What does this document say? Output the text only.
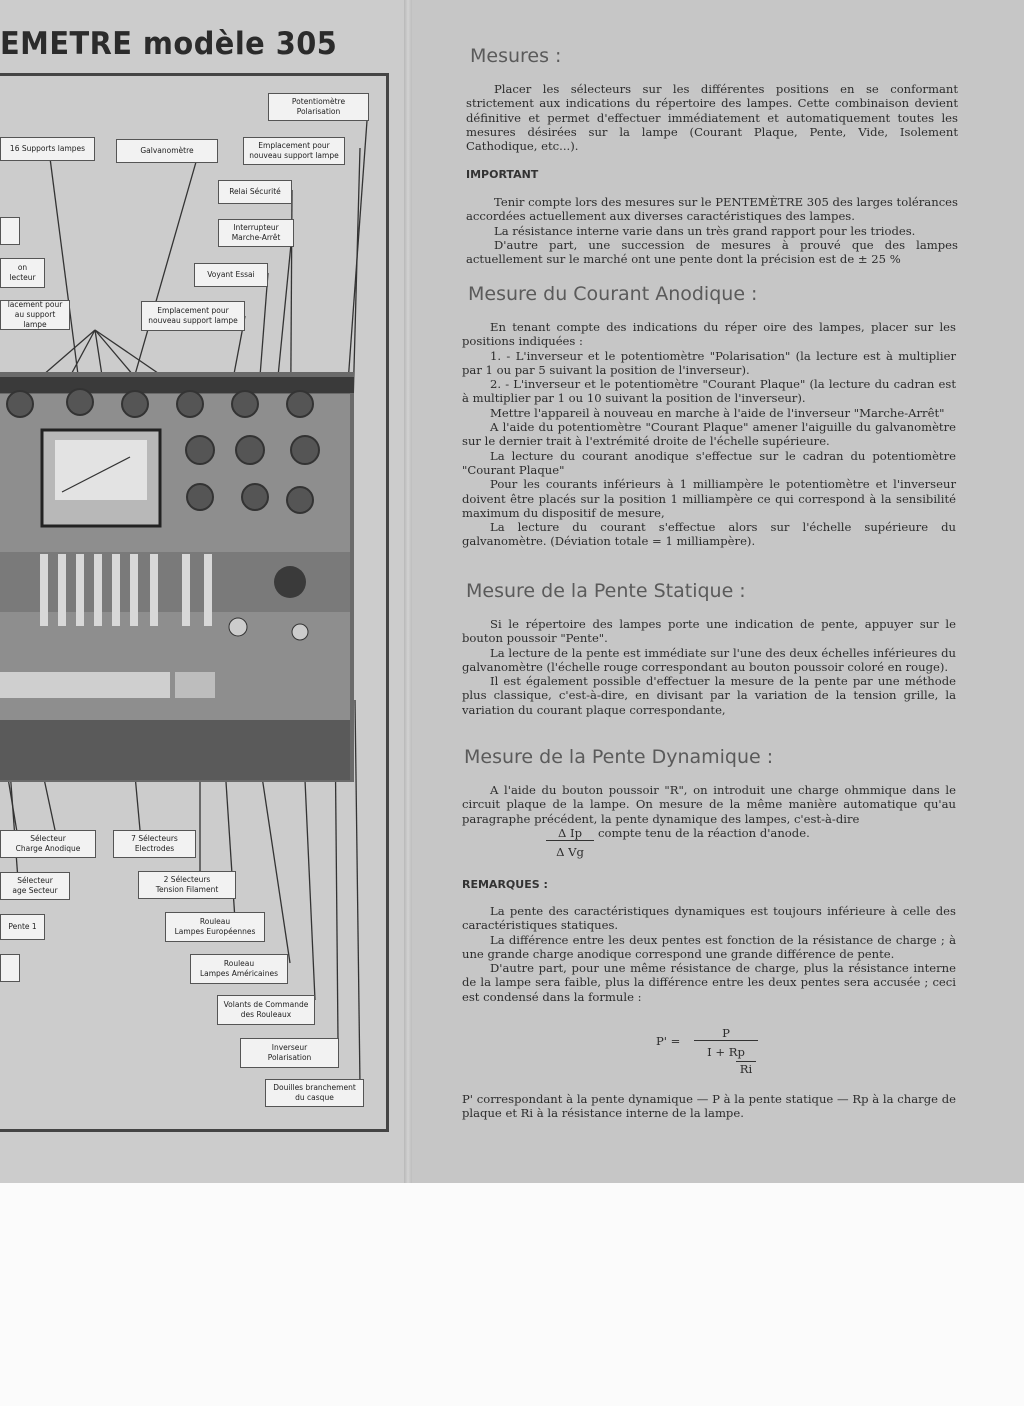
EMETRE modèle 305
Potentiomètre
Polarisation
16 Supports lampes	Galvanomètre
Emplacement pour
nouveau support lampe
Relai Sécurité
Interrupteur
Marche-Arrêt
on
lecteur	Voyant Essai
lacement pour
au support lampe
Emplacement pour
nouveau support lampe
Sélecteur
Charge Anodique
7 Sélecteurs
Electrodes
Sélecteur
age Secteur
2 Sélecteurs
Tension Filament
Pente 1
Rouleau
Lampes Européennes
Rouleau
Lampes Américaines
Volants de Commande
des Rouleaux
Inverseur
Polarisation
Douilles branchement
du casque
Mesures :

Placer les sélecteurs sur les différentes positions en se conformant strictement aux indications du répertoire des lampes. Cette combinaison devient définitive et permet d'effectuer immédiatement et automatiquement toutes les mesures désirées sur la lampe (Courant Plaque, Pente, Vide, Isolement Cathodique, etc...).

IMPORTANT

Tenir compte lors des mesures sur le PENTEMÈTRE 305 des larges tolérances accordées actuellement aux diverses caractéristiques des lampes.

La résistance interne varie dans un très grand rapport pour les triodes.

D'autre part, une succession de mesures à prouvé que des lampes actuellement sur le marché ont une pente dont la précision est de ± 25 %

Mesure du Courant Anodique :

En tenant compte des indications du réper oire des lampes, placer sur les positions indiquées :

1. - L'inverseur et le potentiomètre "Polarisation" (la lecture est à multiplier par 1 ou par 5 suivant la position de l'inverseur).

2. - L'inverseur et le potentiomètre "Courant Plaque" (la lecture du cadran est à multiplier par 1 ou 10 suivant la position de l'inverseur).

Mettre l'appareil à nouveau en marche à l'aide de l'inverseur "Marche-Arrêt"

A l'aide du potentiomètre "Courant Plaque" amener l'aiguille du galvanomètre sur le dernier trait à l'extrémité droite de l'échelle supérieure.

La lecture du courant anodique s'effectue sur le cadran du potentiomètre "Courant Plaque"

Pour les courants inférieurs à 1 milliampère le potentiomètre et l'inverseur doivent être placés sur la position 1 milliampère ce qui correspond à la sensibilité maximum du dispositif de mesure,

La lecture du courant s'effectue alors sur l'échelle supérieure du galvanomètre. (Déviation totale = 1 milliampère).

Mesure de la Pente Statique :

Si le répertoire des lampes porte une indication de pente, appuyer sur le bouton poussoir "Pente".

La lecture de la pente est immédiate sur l'une des deux échelles inférieures du galvanomètre (l'échelle rouge correspondant au bouton poussoir coloré en rouge).

Il est également possible d'effectuer la mesure de la pente par une méthode plus classique, c'est-à-dire, en divisant par la variation de la tension grille, la variation du courant plaque correspondante,

Mesure de la Pente Dynamique :

A l'aide du bouton poussoir "R", on introduit une charge ohmmique dans le circuit plaque de la lampe. On mesure de la même manière automatique qu'au paragraphe précédent, la pente dynamique des lampes, c'est-à-dire

Δ Ip	compte tenu de la réaction d'anode.
Δ Vg
REMARQUES :

La pente des caractéristiques dynamiques est toujours inférieure à celle des caractéristiques statiques.

La différence entre les deux pentes est fonction de la résistance de charge ; à une grande charge anodique correspond une grande différence de pente.

D'autre part, pour une même résistance de charge, plus la résistance interne de la lampe sera faible, plus la différence entre les deux pentes sera accusée ; ceci est condensé dans la formule :

P' =
P
I + Rp
Ri

P' correspondant à la pente dynamique — P à la pente statique — Rp à la charge de plaque et Ri à la résistance interne de la lampe.
